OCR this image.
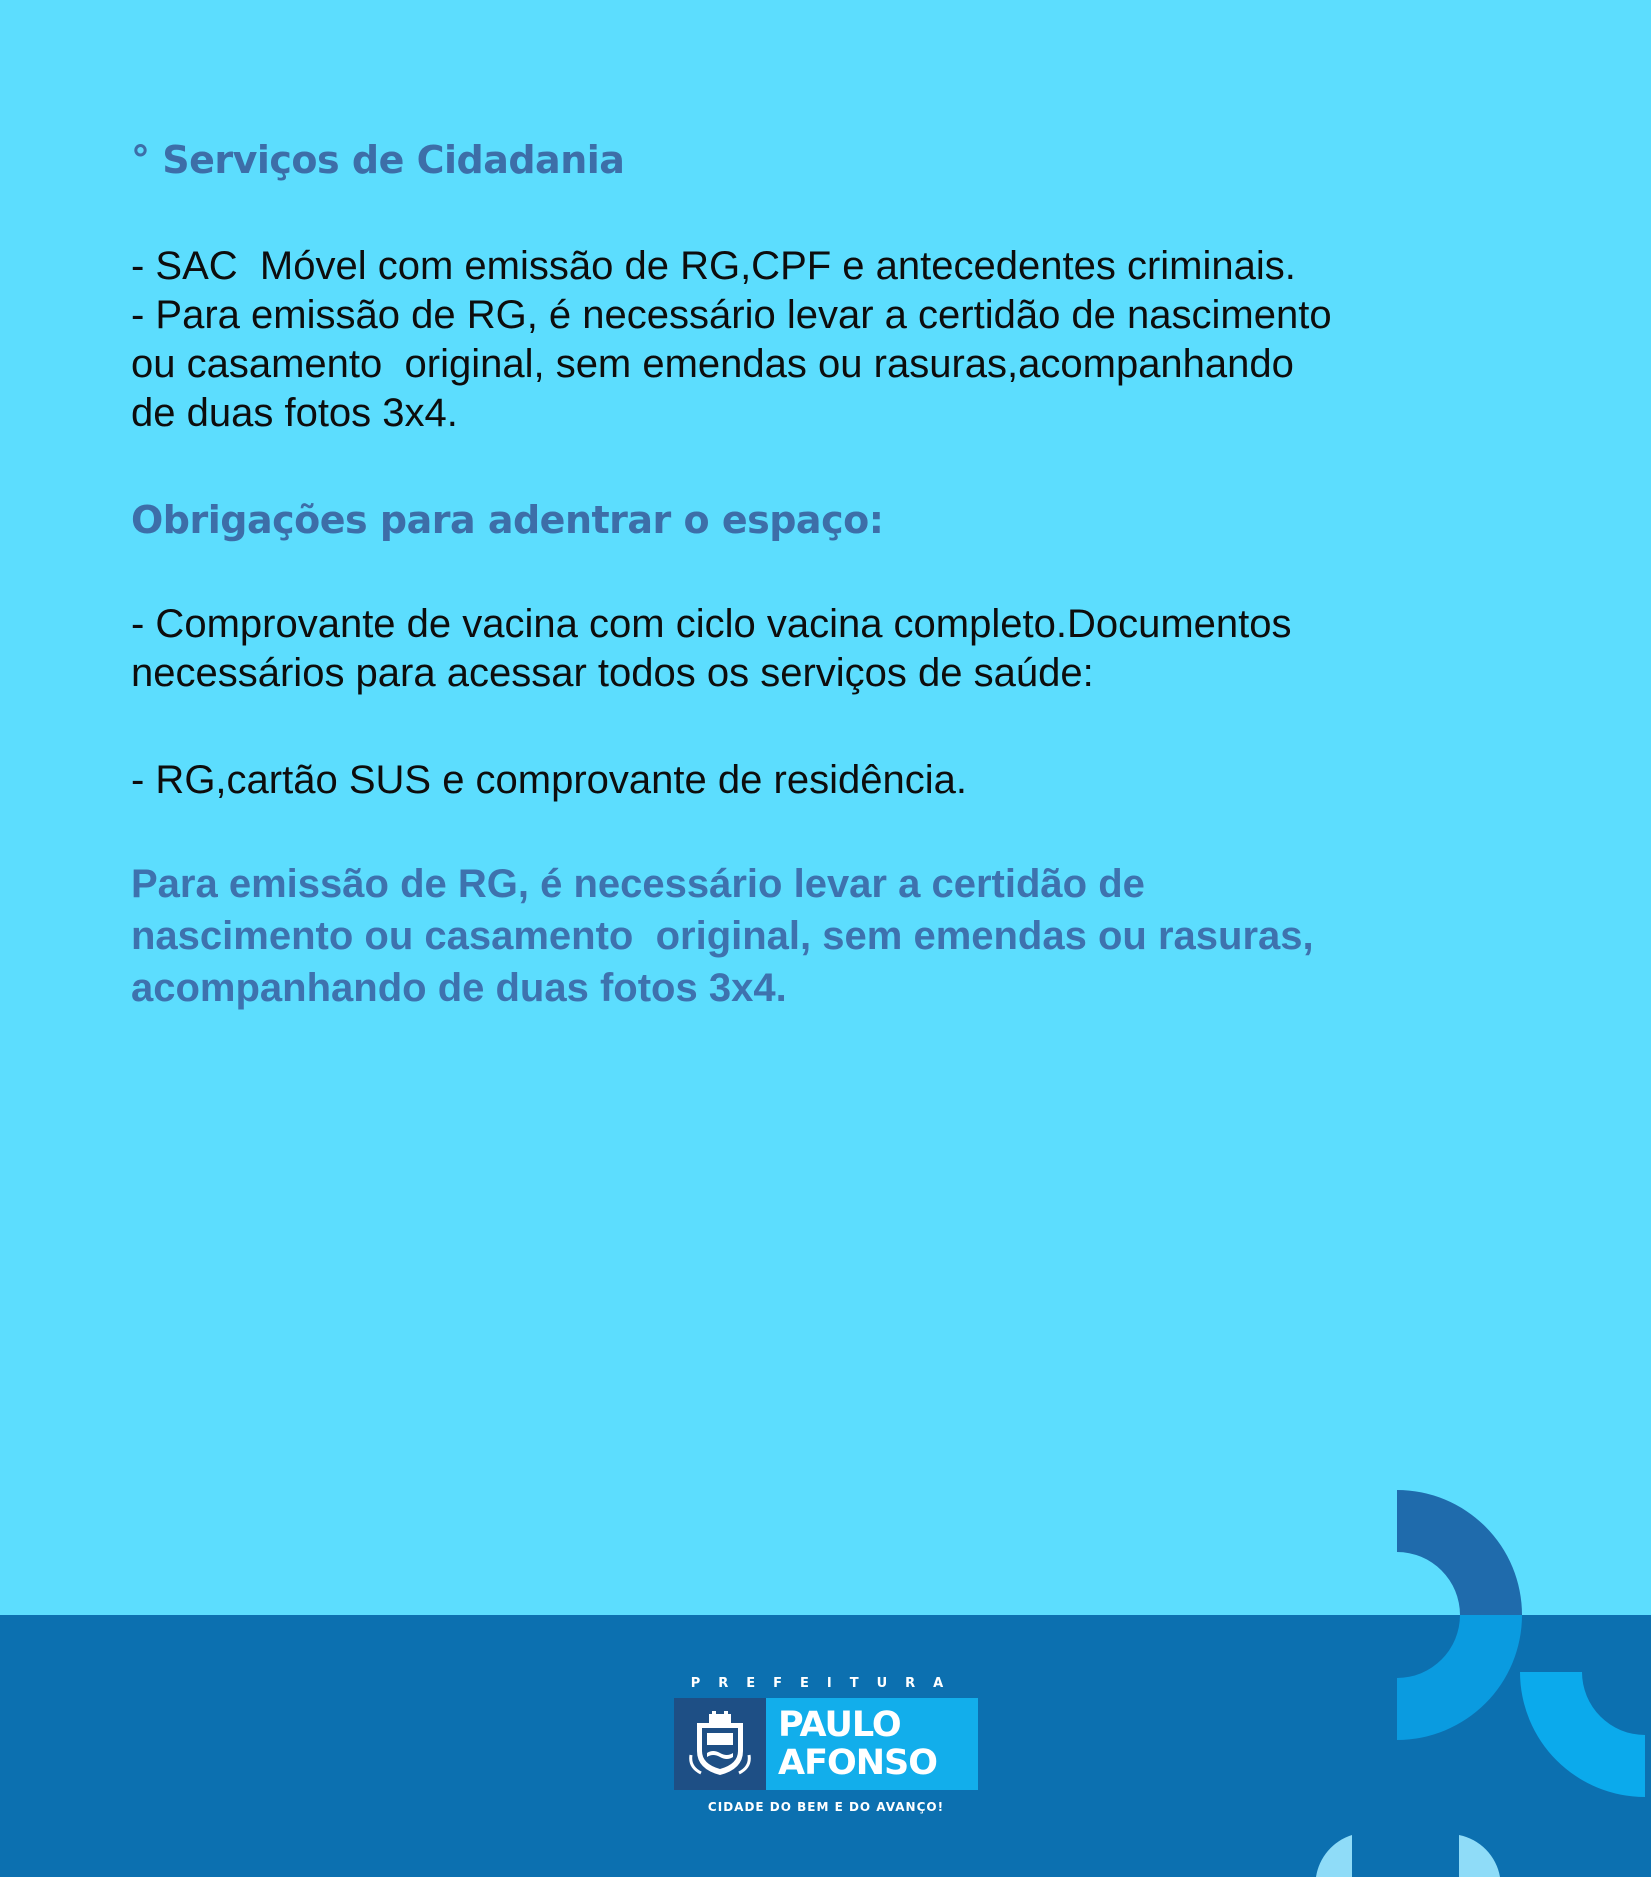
° Serviços de Cidadania

- SAC  Móvel com emissão de RG,CPF e antecedentes criminais.

- Para emissão de RG, é necessário levar a certidão de nascimento

ou casamento  original, sem emendas ou rasuras,acompanhando

de duas fotos 3x4.

Obrigações para adentrar o espaço:

- Comprovante de vacina com ciclo vacina completo.Documentos

necessários para acessar todos os serviços de saúde:

- RG,cartão SUS e comprovante de residência.

Para emissão de RG, é necessário levar a certidão de

nascimento ou casamento  original, sem emendas ou rasuras,

acompanhando de duas fotos 3x4.

PREFEITURA
PAULO
AFONSO
CIDADE DO BEM E DO AVANÇO!
